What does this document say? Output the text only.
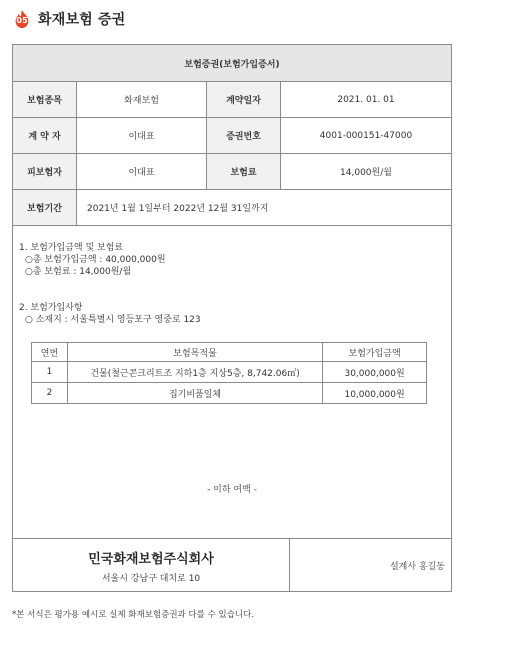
05 화재보험 증권
보험증권(보험가입증서)
보험종목	화재보험	계약일자	2021. 01. 01
계 약 자	이대표	증권번호	4001-000151-47000
피보험자	이대표	보험료	14,000원/월
보험기간	2021년 1월 1일부터 2022년 12월 31일까지
1. 보험가입금액 및 보험료
○총 보험가입금액 : 40,000,000원
○총 보험료 : 14,000원/월
2. 보험가입사항
○ 소재지 : 서울특별시 영등포구 영중로 123
연번	보험목적물	보험가입금액
1	건물(철근콘크리트조 지하1층 지상5층, 8,742.06㎡)	30,000,000원
2	집기비품일체	10,000,000원
- 이하 여백 -
민국화재보험주식회사
서울시 강남구 대치로 10
설계사 홍길동
*본 서식은 평가용 예시로 실제 화재보험증권과 다를 수 있습니다.
